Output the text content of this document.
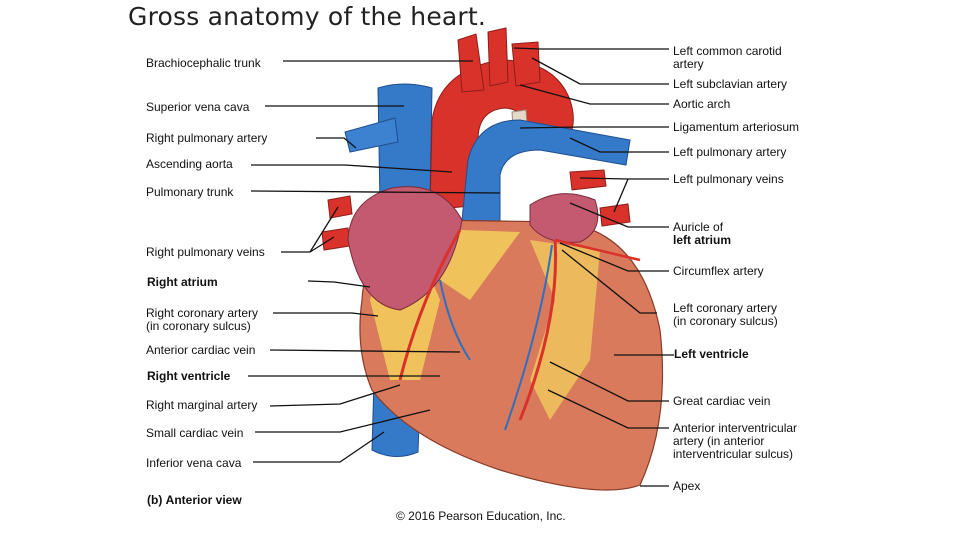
Gross anatomy of the heart.
Brachiocephalic trunk
Superior vena cava
Right pulmonary artery
Ascending aorta
Pulmonary trunk
Right pulmonary veins
Right atrium
Right coronary artery
(in coronary sulcus)
Anterior cardiac vein
Right ventricle
Right marginal artery
Small cardiac vein
Inferior vena cava
Left common carotid
artery
Left subclavian artery
Aortic arch
Ligamentum arteriosum
Left pulmonary artery
Left pulmonary veins
Auricle of
left atrium
Circumflex artery
Left coronary artery
(in coronary sulcus)
Left ventricle
Great cardiac vein
Anterior interventricular
artery (in anterior
interventricular sulcus)
Apex
(b) Anterior view
© 2016 Pearson Education, Inc.
